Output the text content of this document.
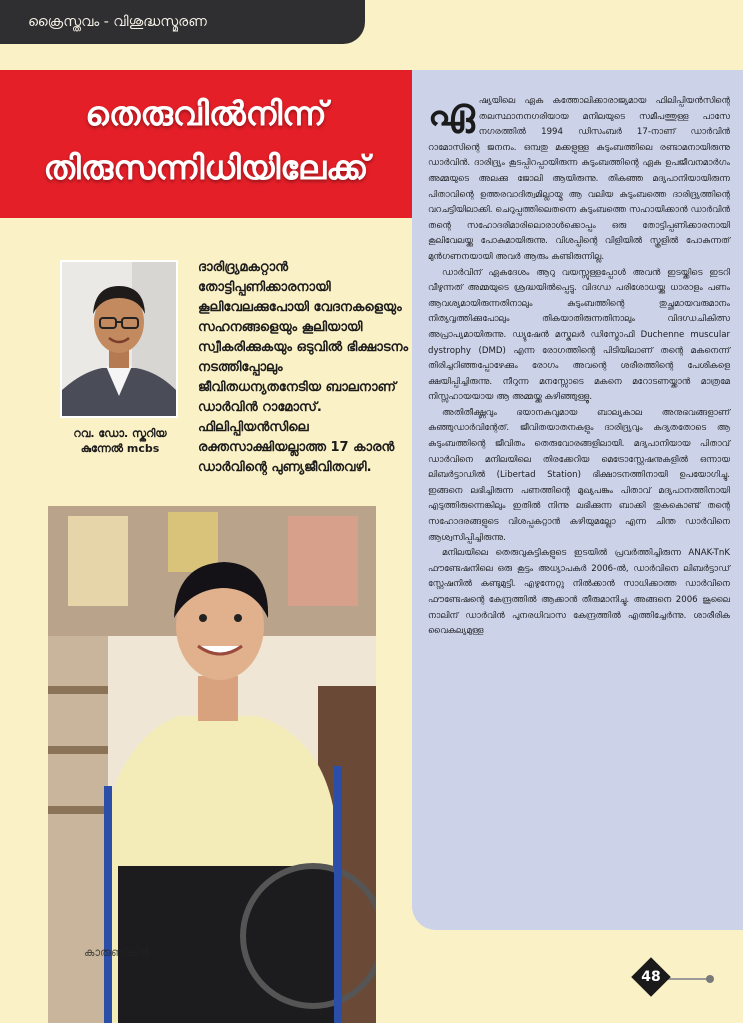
ക്രൈസ്തവം - വിശുദ്ധസ്മരണ
തെരുവിൽനിന്ന്
തിരുസന്നിധിയിലേക്ക്
റവ. ഡോ. സ്കറിയ
കുന്നേൽ mcbs

ദാരിദ്ര്യമകറ്റാൻ തോട്ടിപ്പണിക്കാരനായി കൂലിവേലക്കുപോയി വേദനകളെയും സഹനങ്ങളെയും കൂലിയായി സ്വീകരിക്കുകയും ഒടുവിൽ ഭിക്ഷാടനം നടത്തിപ്പോലും ജീവിതധന്യതനേടിയ ബാലനാണ് ഡാർവിൻ റാമോസ്. ഫിലിപ്പിയൻസിലെ രക്തസാക്ഷിയല്ലാത്ത 17 കാരൻ ഡാർവിന്റെ പുണ്യജീവിതവഴി.

കാരുണികൻ

ഏഷ്യയിലെ ഏക കത്തോലിക്കാരാജ്യമായ ഫിലിപ്പിയൻസിന്റെ തലസ്ഥാനനഗരിയായ മനിലയുടെ സമീപത്തുള്ള പാസേ നഗരത്തിൽ 1994 ഡിസംബർ 17-നാണ് ഡാർവിൻ റാമോസിന്റെ ജനനം. ഒമ്പതു മക്കളുള്ള കുടുംബത്തിലെ രണ്ടാമനായിരുന്നു ഡാർവിൻ. ദാരിദ്ര്യം കൂടപ്പിറപ്പായിരുന്ന കുടുംബത്തിന്റെ ഏക ഉപജീവനമാർഗം അമ്മയുടെ അലക്കു ജോലി ആയിരുന്നു. തികഞ്ഞ മദ്യപാനിയായിരുന്ന പിതാവിന്റെ ഉത്തരവാദിത്വമില്ലായ്മ ആ വലിയ കുടുംബത്തെ ദാരിദ്ര്യത്തിന്റെ വറചട്ടിയിലാക്കി. ചെറുപ്പത്തിലെതന്നെ കുടുംബത്തെ സഹായിക്കാൻ ഡാർവിൻ തന്റെ സഹോദരിമാരിലൊരാൾക്കൊപ്പം ഒരു തോട്ടിപ്പണിക്കാരനായി കൂലിവേലയ്ക്കു പോകുമായിരുന്നു. വിശപ്പിന്റെ വിളിയിൽ സ്കൂളിൽ പോകുന്നത് മുൻഗണനയായി അവർ ആരും കണ്ടിരുന്നില്ല.

ഡാർവിന് ഏകദേശം ആറു വയസ്സുള്ളപ്പോൾ അവൻ ഇടയ്ക്കിടെ ഇടറി വീഴുന്നത് അമ്മയുടെ ശ്രദ്ധയിൽപ്പെട്ടു. വിദഗ്ധ പരിശോധയ്ക്കു ധാരാളം പണം ആവശ്യമായിരുന്നതിനാലും കുടുംബത്തിന്റെ തുച്ഛമായവരുമാനം നിത്യവൃത്തിക്കുപോലും തികയാതിരുന്നതിനാലും വിദഗ്ധചികിത്സ അപ്രാപ്യമായിരുന്നു. ഡ്യുഷേൻ മസ്കുലർ ഡിസ്ട്രോഫി Duchenne muscular dystrophy (DMD) എന്ന രോഗത്തിന്റെ പിടിയിലാണ് തന്റെ മകനെന്ന് തിരിച്ചറിഞ്ഞപ്പോഴേക്കും രോഗം അവന്റെ ശരീരത്തിന്റെ പേശികളെ ക്ഷയിപ്പിച്ചിരുന്നു. നീറുന്ന മനസ്സോടെ മകനെ മറോടണയ്ക്കാൻ മാത്രമേ നിസ്സഹായയായ ആ അമ്മയ്ക്കു കഴിഞ്ഞുള്ളൂ.

അതിതീക്ഷ്ണവും ഭയാനകവുമായ ബാല്യകാല അനുഭവങ്ങളാണ് കുഞ്ഞുഡാർവിന്റേത്. ജീവിതയാതനകളും ദാരിദ്ര്യവും കദ്യതതോടെ ആ കുടുംബത്തിന്റെ ജീവിതം തെരുവോരങ്ങളിലായി. മദ്യപാനിയായ പിതാവ് ഡാർവിനെ മനിലയിലെ തിരക്കേറിയ മെട്രോസ്റ്റേഷനുകളിൽ ഒന്നായ ലിബർട്ടാഡിൽ (Libertad Station) ഭിക്ഷാടനത്തിനായി ഉപയോഗിച്ചു. ഇങ്ങനെ ലഭിച്ചിരുന്ന പണത്തിന്റെ മുഖ്യപങ്കും പിതാവ് മദ്യപാനത്തിനായി എടുത്തിരുന്നെങ്കിലും ഇതിൽ നിന്നു ലഭിക്കുന്ന ബാക്കി തുകകൊണ്ട് തന്റെ സഹോദരങ്ങളുടെ വിശപ്പകറ്റാൻ കഴിയുമല്ലോ എന്ന ചിന്ത ഡാർവിനെ ആശ്വസിപ്പിച്ചിരുന്നു.

മനിലയിലെ തെരുവുകുട്ടികളുടെ ഇടയിൽ പ്രവർത്തിച്ചിരുന്ന ANAK-TnK ഫൗണ്ടേഷനിലെ ഒരു കൂട്ടം അധ്യാപകർ 2006-ൽ, ഡാർവിനെ ലിബർട്ടാഡ് സ്റ്റേഷനിൽ കണ്ടുമുട്ടി. എഴുന്നേറ്റു നിൽക്കാൻ സാധിക്കാത്ത ഡാർവിനെ ഫൗണ്ടേഷന്റെ കേന്ദ്രത്തിൽ ആക്കാൻ തീരുമാനിച്ചു. അങ്ങനെ 2006 ജൂലൈ നാലിന് ഡാർവിൻ പുനരധിവാസ കേന്ദ്രത്തിൽ എത്തിച്ചേർന്നു. ശാരീരിക വൈകല്യമുള്ള

48
